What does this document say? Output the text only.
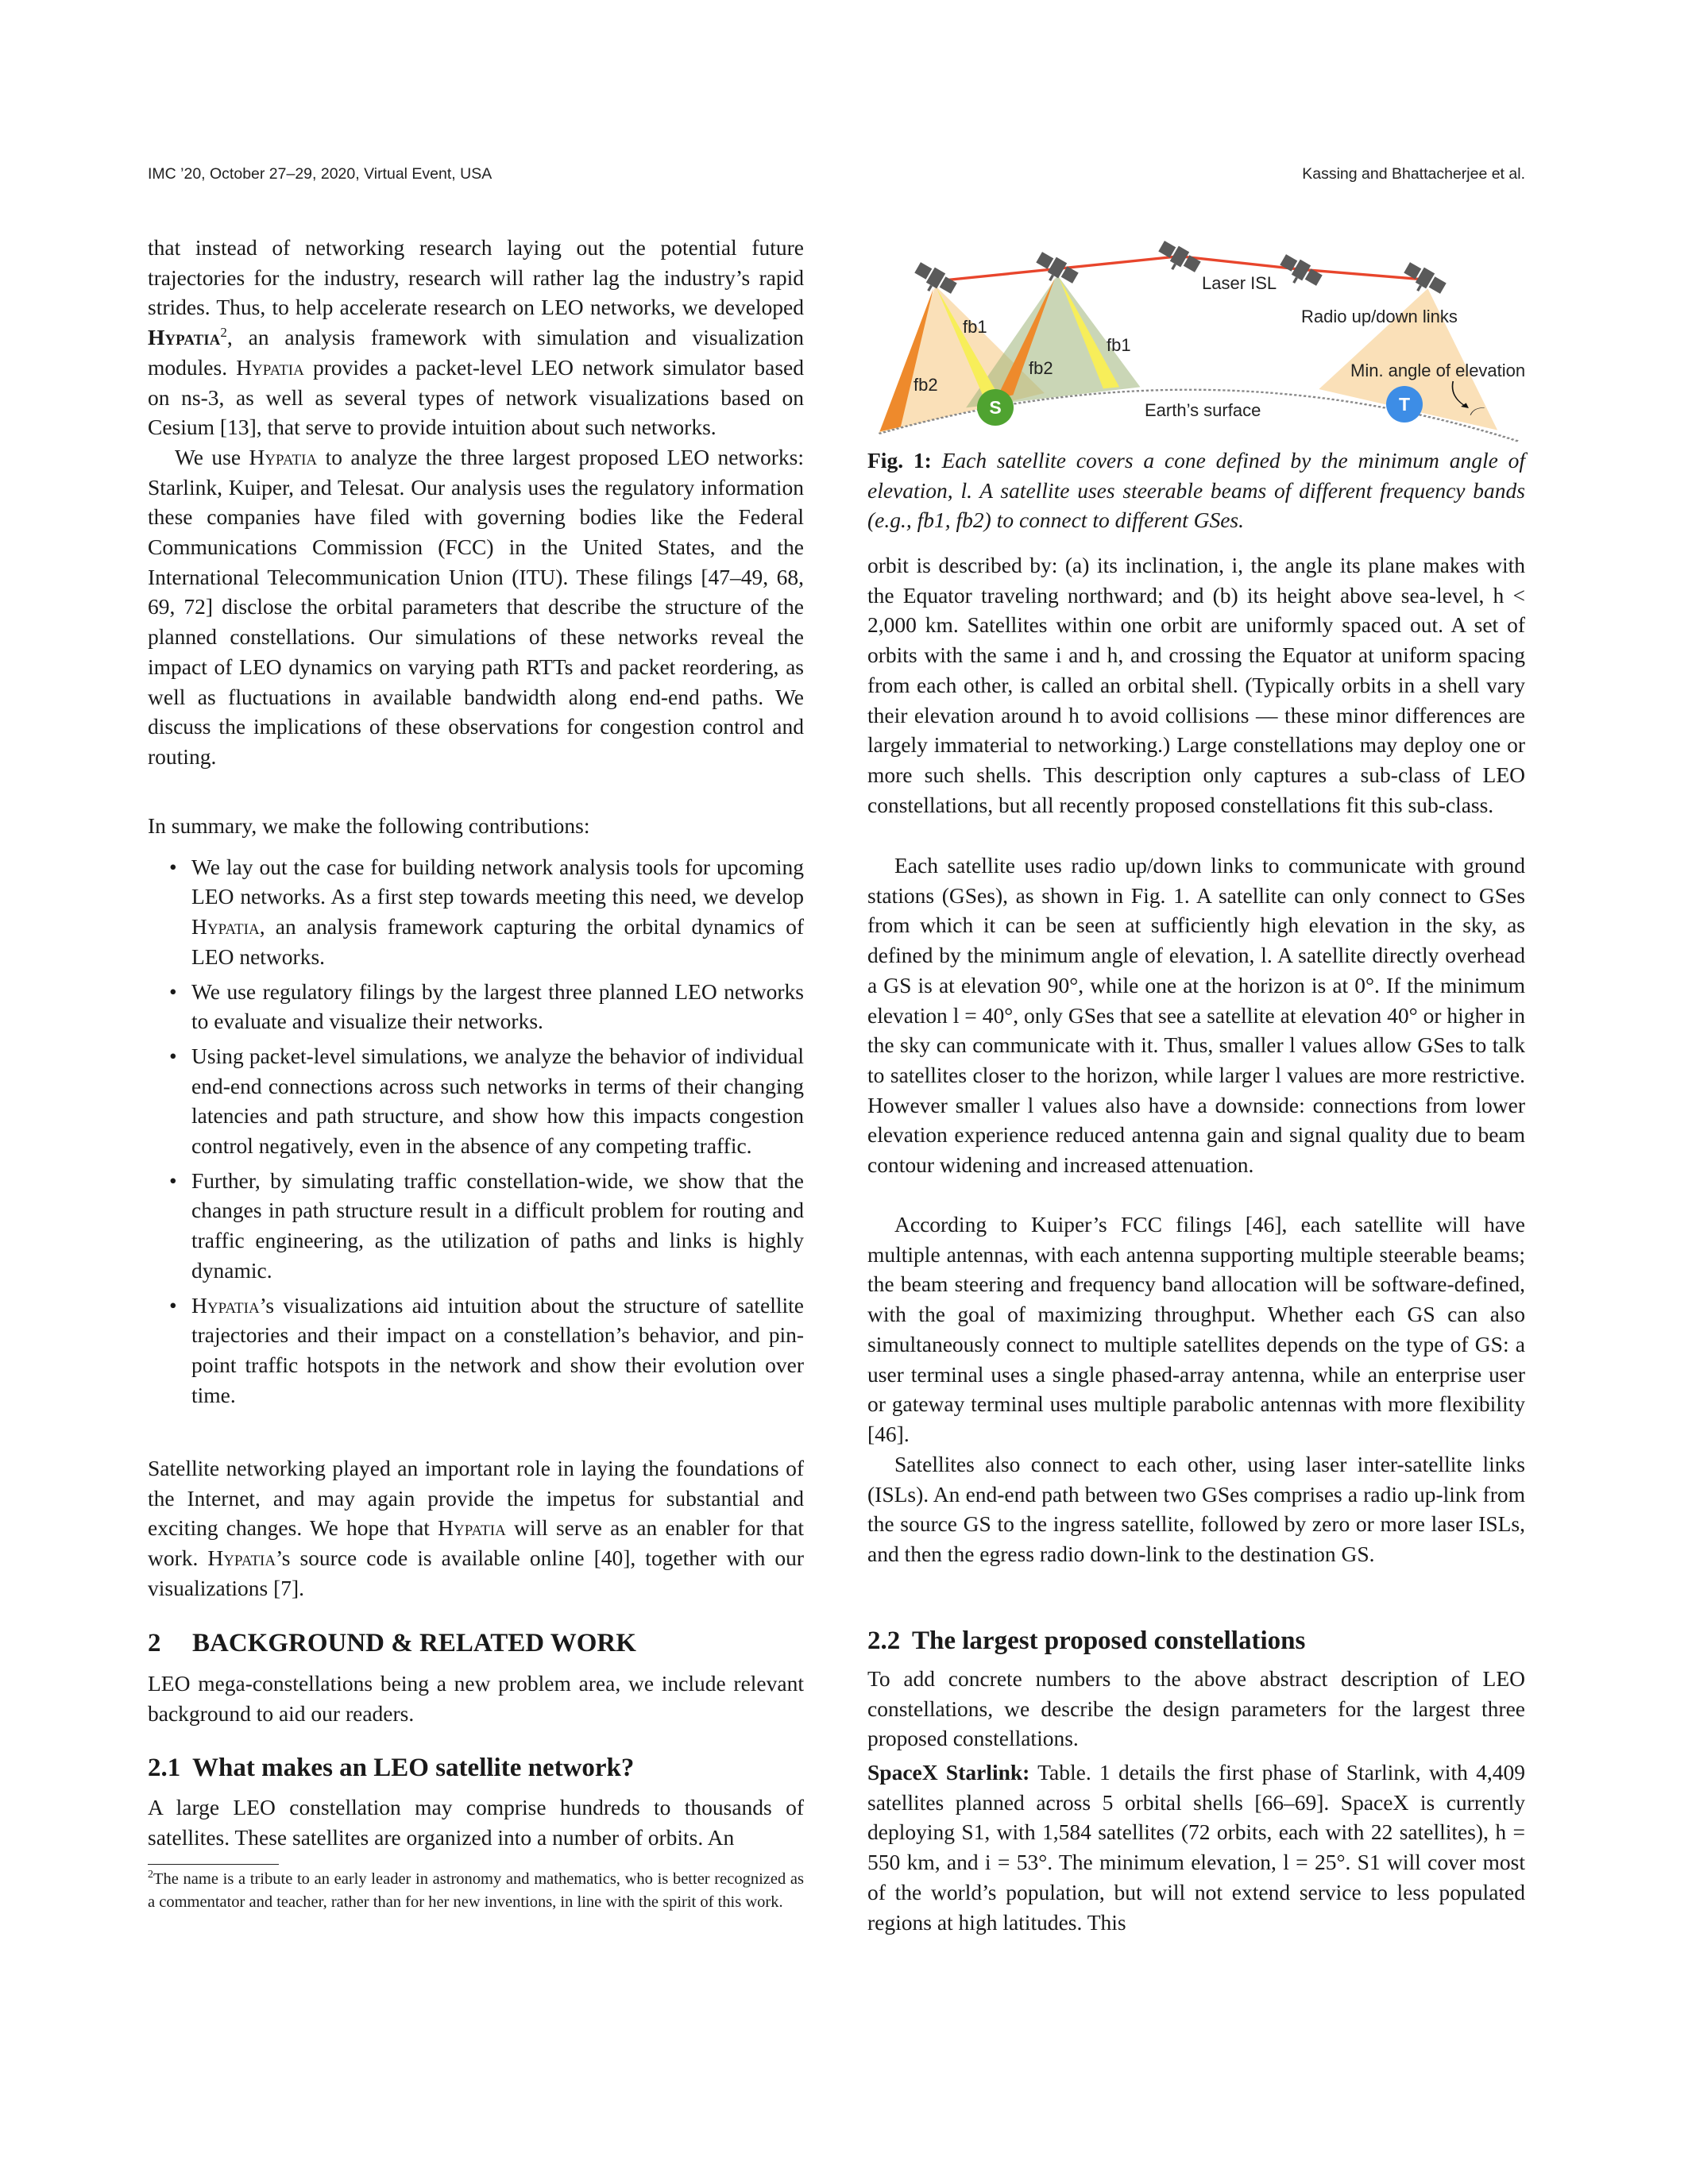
IMC ’20, October 27–29, 2020, Virtual Event, USA	Kassing and Bhattacherjee et al.

that instead of networking research laying out the potential future trajectories for the industry, research will rather lag the industry’s rapid strides. Thus, to help accelerate research on LEO networks, we developed Hypatia$^2$, an analysis framework with simulation and visualization modules. Hypatia provides a packet-level LEO network simulator based on ns-3, as well as several types of network visualizations based on Cesium [13], that serve to provide intuition about such networks.

We use Hypatia to analyze the three largest proposed LEO networks: Starlink, Kuiper, and Telesat. Our analysis uses the regulatory information these companies have filed with governing bodies like the Federal Communications Commission (FCC) in the United States, and the International Telecommunication Union (ITU). These filings [47–49, 68, 69, 72] disclose the orbital parameters that describe the structure of the planned constellations. Our simulations of these networks reveal the impact of LEO dynamics on varying path RTTs and packet reordering, as well as fluctuations in available bandwidth along end-end paths. We discuss the implications of these observations for congestion control and routing.

In summary, we make the following contributions:

• We lay out the case for building network analysis tools for upcoming LEO networks. As a first step towards meeting this need, we develop Hypatia, an analysis framework capturing the orbital dynamics of LEO networks.
• We use regulatory filings by the largest three planned LEO networks to evaluate and visualize their networks.
• Using packet-level simulations, we analyze the behavior of individual end-end connections across such networks in terms of their changing latencies and path structure, and show how this impacts congestion control negatively, even in the absence of any competing traffic.
• Further, by simulating traffic constellation-wide, we show that the changes in path structure result in a difficult problem for routing and traffic engineering, as the utilization of paths and links is highly dynamic.
• Hypatia’s visualizations aid intuition about the structure of satellite trajectories and their impact on a constellation’s behavior, and pin-point traffic hotspots in the network and show their evolution over time.

Satellite networking played an important role in laying the foundations of the Internet, and may again provide the impetus for substantial and exciting changes. We hope that Hypatia will serve as an enabler for that work. Hypatia’s source code is available online [40], together with our visualizations [7].

2 BACKGROUND & RELATED WORK

LEO mega-constellations being a new problem area, we include relevant background to aid our readers.

2.1 What makes an LEO satellite network?

A large LEO constellation may comprise hundreds to thousands of satellites. These satellites are organized into a number of orbits. An

$^2$The name is a tribute to an early leader in astronomy and mathematics, who is better recognized as a commentator and teacher, rather than for her new inventions, in line with the spirit of this work.
S	T
Laser ISL
Radio up/down links
fb1
fb1
fb2
fb2
Min. angle of elevation
Earth’s surface
Fig. 1: Each satellite covers a cone defined by the minimum angle of elevation, l. A satellite uses steerable beams of different frequency bands (e.g., fb1, fb2) to connect to different GSes.

orbit is described by: (a) its inclination, i, the angle its plane makes with the Equator traveling northward; and (b) its height above sea-level, h < 2,000 km. Satellites within one orbit are uniformly spaced out. A set of orbits with the same i and h, and crossing the Equator at uniform spacing from each other, is called an orbital shell. (Typically orbits in a shell vary their elevation around h to avoid collisions — these minor differences are largely immaterial to networking.) Large constellations may deploy one or more such shells. This description only captures a sub-class of LEO constellations, but all recently proposed constellations fit this sub-class.

Each satellite uses radio up/down links to communicate with ground stations (GSes), as shown in Fig. 1. A satellite can only connect to GSes from which it can be seen at sufficiently high elevation in the sky, as defined by the minimum angle of elevation, l. A satellite directly overhead a GS is at elevation 90°, while one at the horizon is at 0°. If the minimum elevation l = 40°, only GSes that see a satellite at elevation 40° or higher in the sky can communicate with it. Thus, smaller l values allow GSes to talk to satellites closer to the horizon, while larger l values are more restrictive. However smaller l values also have a downside: connections from lower elevation experience reduced antenna gain and signal quality due to beam contour widening and increased attenuation.

According to Kuiper’s FCC filings [46], each satellite will have multiple antennas, with each antenna supporting multiple steerable beams; the beam steering and frequency band allocation will be software-defined, with the goal of maximizing throughput. Whether each GS can also simultaneously connect to multiple satellites depends on the type of GS: a user terminal uses a single phased-array antenna, while an enterprise user or gateway terminal uses multiple parabolic antennas with more flexibility [46].

Satellites also connect to each other, using laser inter-satellite links (ISLs). An end-end path between two GSes comprises a radio up-link from the source GS to the ingress satellite, followed by zero or more laser ISLs, and then the egress radio down-link to the destination GS.

2.2 The largest proposed constellations

To add concrete numbers to the above abstract description of LEO constellations, we describe the design parameters for the largest three proposed constellations.

SpaceX Starlink: Table. 1 details the first phase of Starlink, with 4,409 satellites planned across 5 orbital shells [66–69]. SpaceX is currently deploying S1, with 1,584 satellites (72 orbits, each with 22 satellites), h = 550 km, and i = 53°. The minimum elevation, l = 25°. S1 will cover most of the world’s population, but will not extend service to less populated regions at high latitudes. This
